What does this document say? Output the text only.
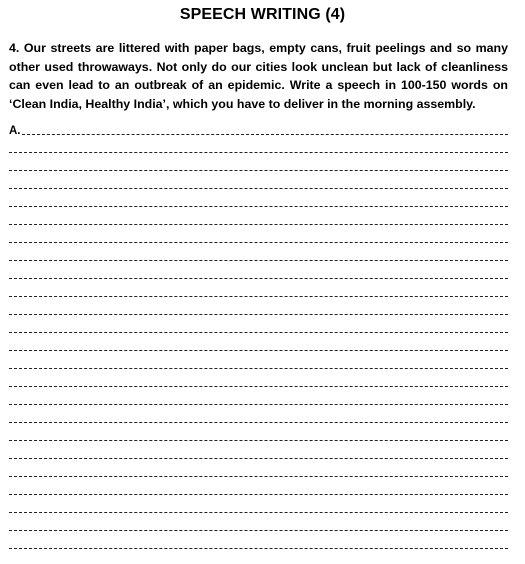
SPEECH WRITING (4)

4. Our streets are littered with paper bags, empty cans, fruit peelings and so many other used throwaways. Not only do our cities look unclean but lack of cleanliness can even lead to an outbreak of an epidemic. Write a speech in 100-150 words on ‘Clean India, Healthy India’, which you have to deliver in the morning assembly.

A.
